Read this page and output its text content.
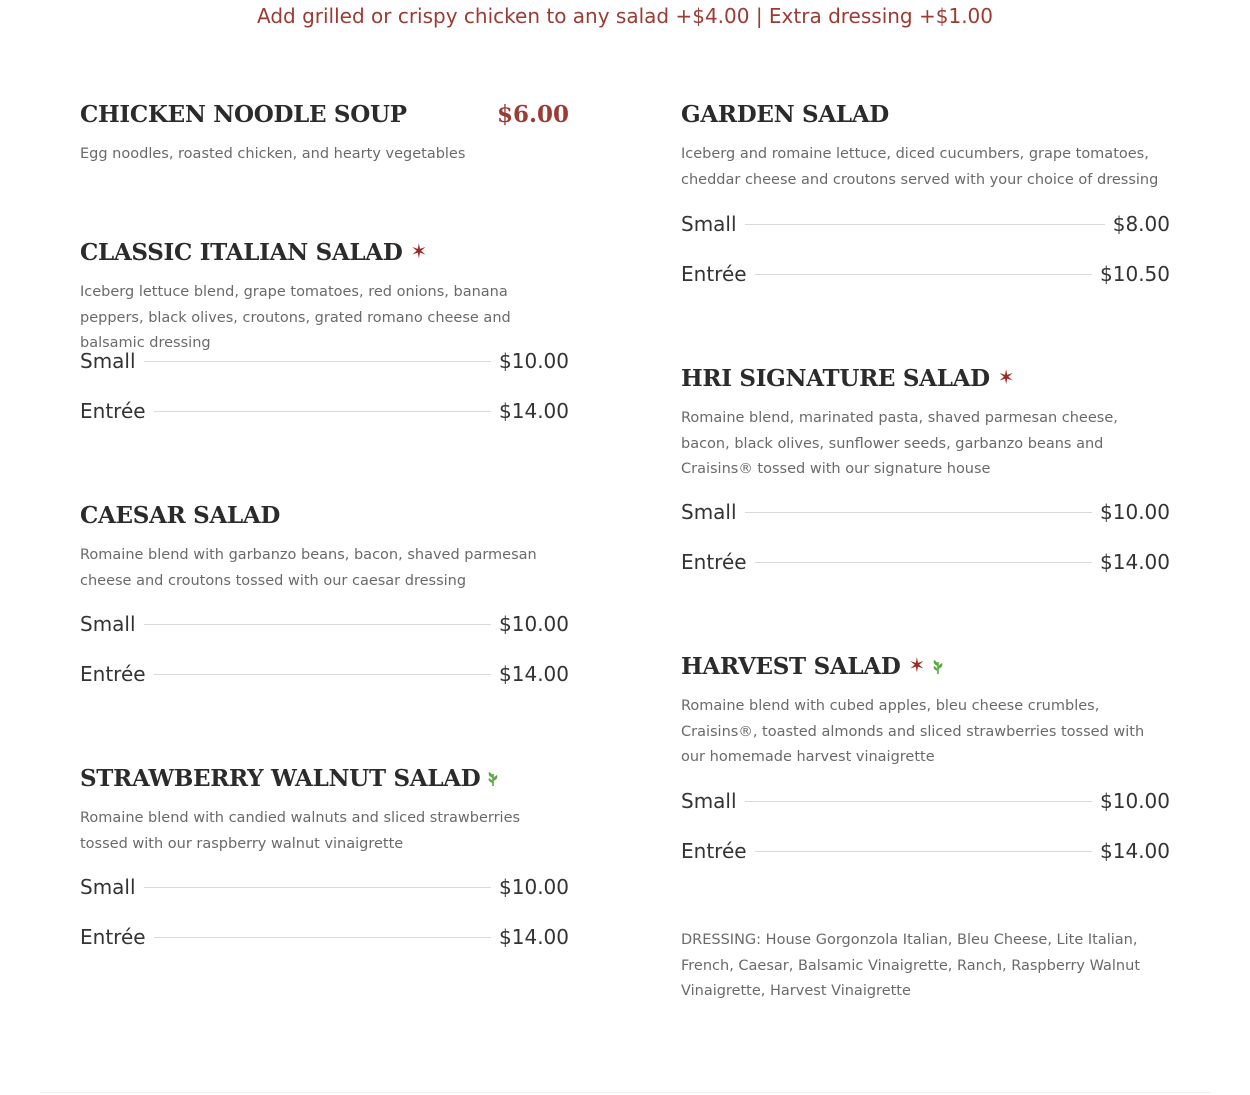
Add grilled or crispy chicken to any salad +$4.00 | Extra dressing +$1.00
CHICKEN NOODLE SOUP	$6.00
Egg noodles, roasted chicken, and hearty vegetables
CLASSIC ITALIAN SALAD ✶
Iceberg lettuce blend, grape tomatoes, red onions, banana peppers, black olives, croutons, grated romano cheese and balsamic dressing
Small	$10.00
Entrée	$14.00
CAESAR SALAD
Romaine blend with garbanzo beans, bacon, shaved parmesan cheese and croutons tossed with our caesar dressing
Small	$10.00
Entrée	$14.00
STRAWBERRY WALNUT SALAD
Romaine blend with candied walnuts and sliced strawberries tossed with our raspberry walnut vinaigrette
Small	$10.00
Entrée	$14.00
GARDEN SALAD
Iceberg and romaine lettuce, diced cucumbers, grape tomatoes, cheddar cheese and croutons served with your choice of dressing
Small	$8.00
Entrée	$10.50
HRI SIGNATURE SALAD ✶
Romaine blend, marinated pasta, shaved parmesan cheese, bacon, black olives, sunflower seeds, garbanzo beans and Craisins® tossed with our signature house
Small	$10.00
Entrée	$14.00
HARVEST SALAD ✶
Romaine blend with cubed apples, bleu cheese crumbles, Craisins®, toasted almonds and sliced strawberries tossed with our homemade harvest vinaigrette
Small	$10.00
Entrée	$14.00
DRESSING: House Gorgonzola Italian, Bleu Cheese, Lite Italian, French, Caesar, Balsamic Vinaigrette, Ranch, Raspberry Walnut Vinaigrette, Harvest Vinaigrette
